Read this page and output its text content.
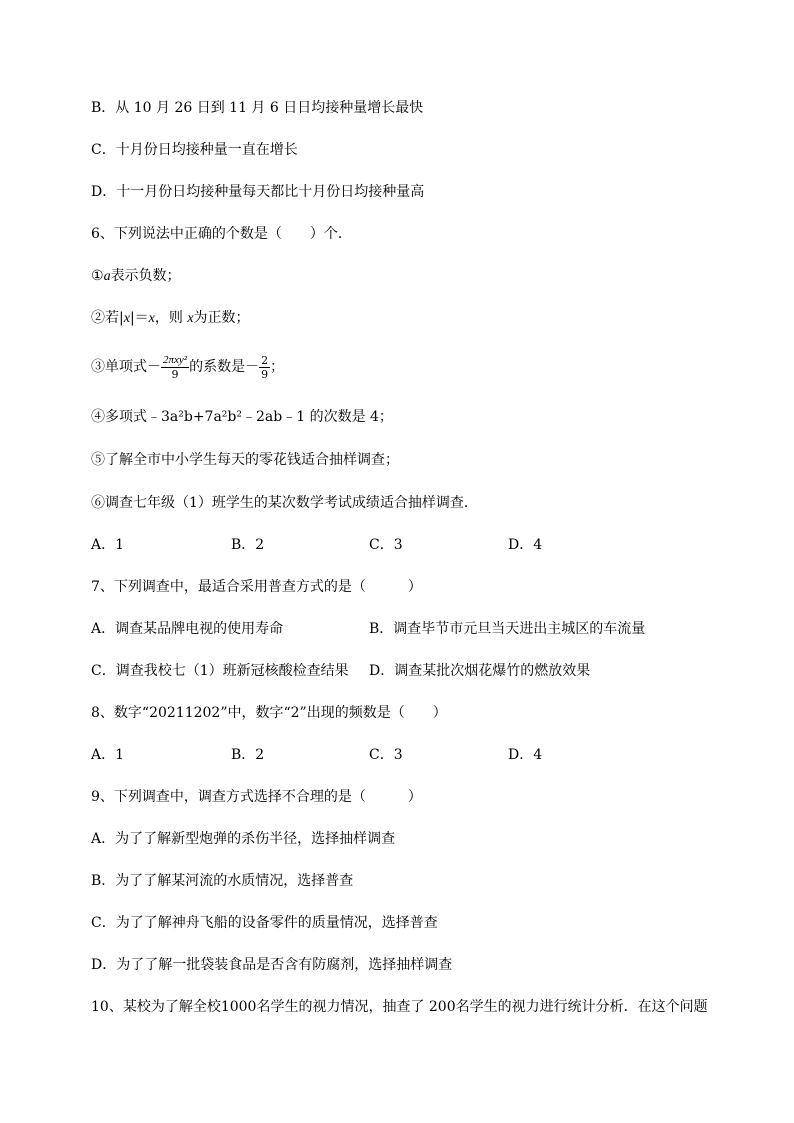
B．从 10 月 26 日到 11 月 6 日日均接种量增长最快
C．十月份日均接种量一直在增长
D．十一月份日均接种量每天都比十月份日均接种量高
6、下列说法中正确的个数是（　　）个．
①a表示负数；
②若|x|＝x，则 x为正数；
③单项式－ $\frac{\text{2πxy²}}{9}$ 的系数是－ $\frac{2}{9}$ ；
④多项式﹣3a²b+7a²b²﹣2ab﹣1 的次数是 4；
⑤了解全市中小学生每天的零花钱适合抽样调查；
⑥调查七年级（1）班学生的某次数学考试成绩适合抽样调查．
A．1	B．2	C．3	D．4
7、下列调查中，最适合采用普查方式的是（　　　）
A．调查某品牌电视的使用寿命	B．调查毕节市元旦当天进出主城区的车流量
C．调查我校七（1）班新冠核酸检查结果 D．调查某批次烟花爆竹的燃放效果
8、数字“20211202”中，数字“2”出现的频数是（　　）
A．1	B．2	C．3	D．4
9、下列调查中，调查方式选择不合理的是（　　　）
A．为了了解新型炮弹的杀伤半径，选择抽样调查
B．为了了解某河流的水质情况，选择普查
C．为了了解神舟飞船的设备零件的质量情况，选择普查
D．为了了解一批袋装食品是否含有防腐剂，选择抽样调查
10、某校为了解全校1000名学生的视力情况，抽查了 200名学生的视力进行统计分析．在这个问题
